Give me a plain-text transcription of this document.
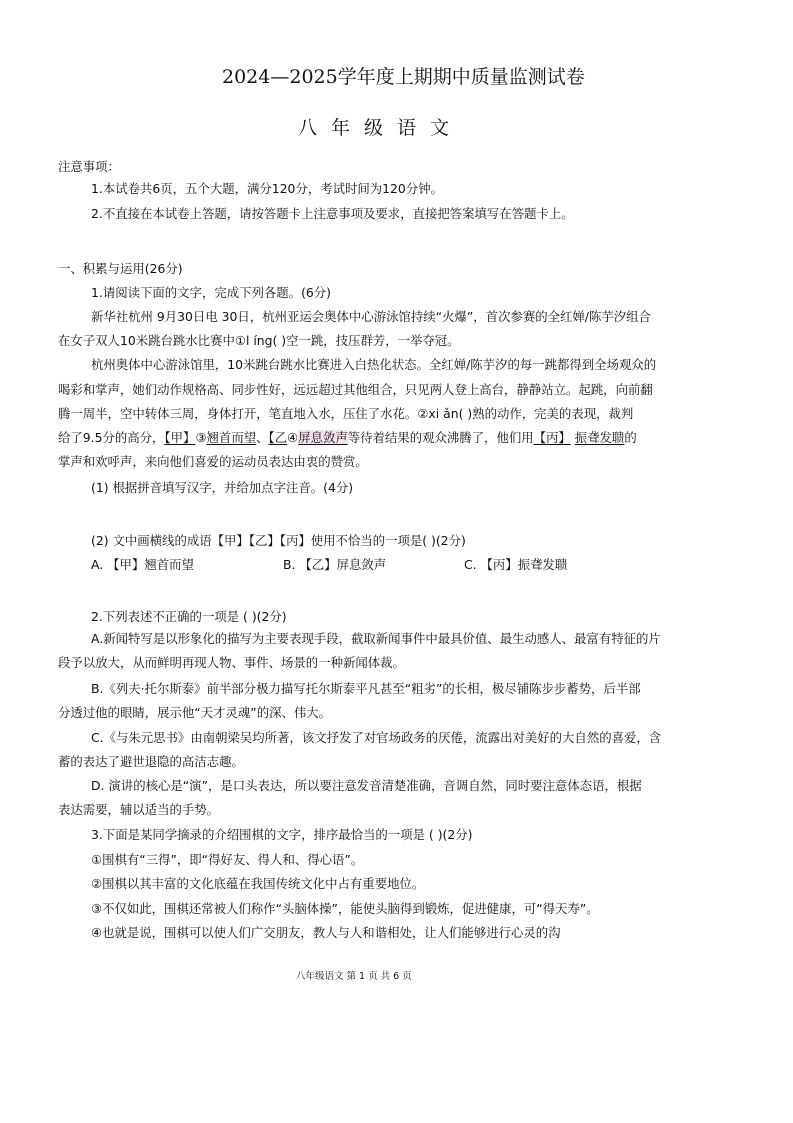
2024—2025学年度上期期中质量监测试卷
八年级语文
注意事项：
1.本试卷共6页，五个大题，满分120分，考试时间为120分钟。
2.不直接在本试卷上答题，请按答题卡上注意事项及要求，直接把答案填写在答题卡上。
一、积累与运用(26分)
1.请阅读下面的文字，完成下列各题。(6分)
新华社杭州 9月30日电 30日，杭州亚运会奥体中心游泳馆持续“火爆”，首次参赛的全红婵/陈芋汐组合
在女子双人10米跳台跳水比赛中①l íng( )空一跳，技压群芳，一举夺冠。
杭州奥体中心游泳馆里，10米跳台跳水比赛进入白热化状态。全红婵/陈芋汐的每一跳都得到全场观众的
喝彩和掌声，她们动作规格高、同步性好，远远超过其他组合，只见两人登上高台，静静站立。起跳，向前翻
腾一周半，空中转体三周，身体打开，笔直地入水，压住了水花。②xi ǎn( )熟的动作，完美的表现，裁判
给了9.5分的高分，【甲】③翘首而望、【乙④屏息敛声等待着结果的观众沸腾了，他们用【丙】 振聋发聩的
掌声和欢呼声，来向他们喜爱的运动员表达由衷的赞赏。
(1) 根据拼音填写汉字，并给加点字注音。(4分)
(2) 文中画横线的成语【甲】【乙】【丙】使用不恰当的一项是( )(2分)
A. 【甲】翘首而望	B. 【乙】屏息敛声	C. 【丙】振聋发聩
2.下列表述不正确的一项是 ( )(2分)
A.新闻特写是以形象化的描写为主要表现手段，截取新闻事件中最具价值、最生动感人、最富有特征的片
段予以放大，从而鲜明再现人物、事件、场景的一种新闻体裁。
B.《列夫·托尔斯泰》前半部分极力描写托尔斯泰平凡甚至“粗劣”的长相，极尽铺陈步步蓄势，后半部
分透过他的眼睛，展示他“天才灵魂”的深、伟大。
C.《与朱元思书》由南朝梁吴均所著，该文抒发了对官场政务的厌倦，流露出对美好的大自然的喜爱，含
蓄的表达了避世退隐的高洁志趣。
D. 演讲的核心是“演”，是口头表达，所以要注意发音清楚准确，音调自然，同时要注意体态语，根据
表达需要，辅以适当的手势。
3.下面是某同学摘录的介绍围棋的文字，排序最恰当的一项是 ( )(2分)
①围棋有“三得”，即“得好友、得人和、得心语”。
②围棋以其丰富的文化底蕴在我国传统文化中占有重要地位。
③不仅如此，围棋还常被人们称作“头脑体操”，能使头脑得到锻炼，促进健康，可“得天寿”。
④也就是说，围棋可以使人们广交朋友，教人与人和谐相处，让人们能够进行心灵的沟
八年级语文 第 1 页 共 6 页
